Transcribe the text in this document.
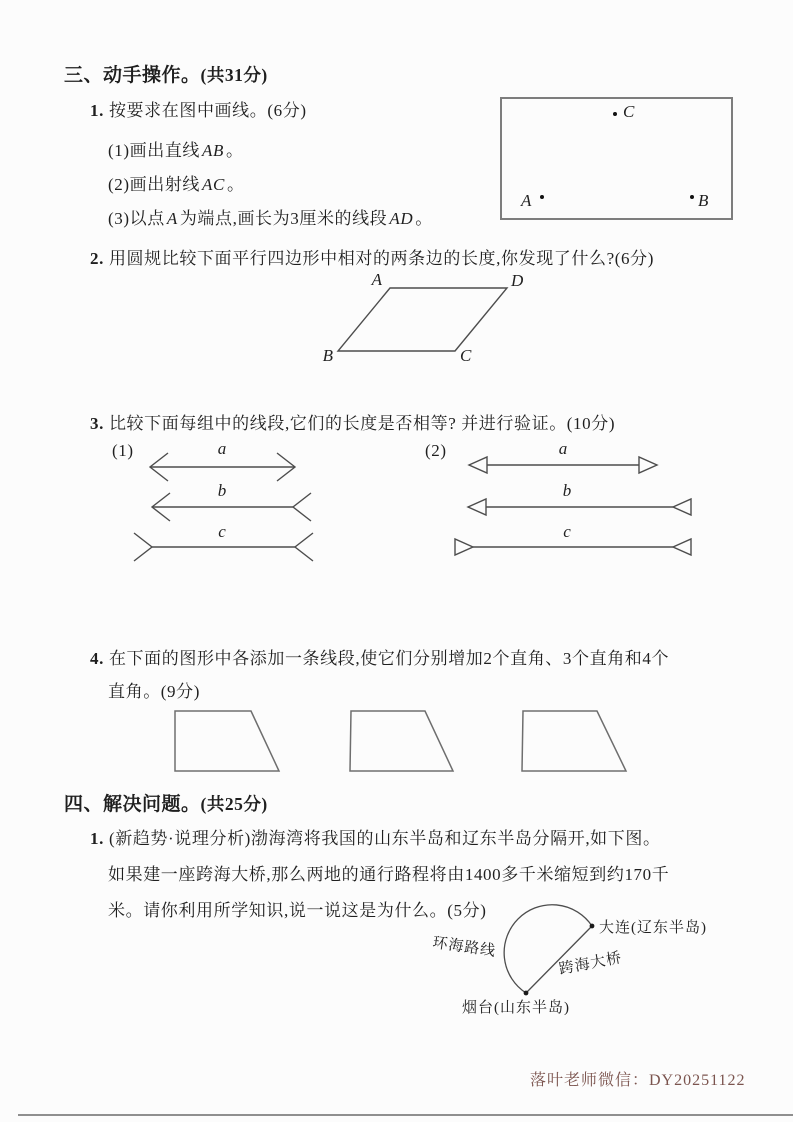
三、动手操作。(共31分)
1. 按要求在图中画线。(6分)
(1)画出直线 AB 。
(2)画出射线 AC 。
(3)以点 A 为端点,画长为3厘米的线段 AD 。
C
A	B
2. 用圆规比较下面平行四边形中相对的两条边的长度,你发现了什么?(6分)
A	D
B	C
3. 比较下面每组中的线段,它们的长度是否相等? 并进行验证。(10分)
(1)	a
b
c
(2)	a
b
c
4. 在下面的图形中各添加一条线段,使它们分别增加2个直角、3个直角和4个
直角。(9分)
四、解决问题。(共25分)
1. (新趋势·说理分析)渤海湾将我国的山东半岛和辽东半岛分隔开,如下图。
如果建一座跨海大桥,那么两地的通行路程将由1400多千米缩短到约170千
米。请你利用所学知识,说一说这是为什么。(5分)
环海路线
跨海大桥
大连(辽东半岛)
烟台(山东半岛)
落叶老师微信：DY20251122
